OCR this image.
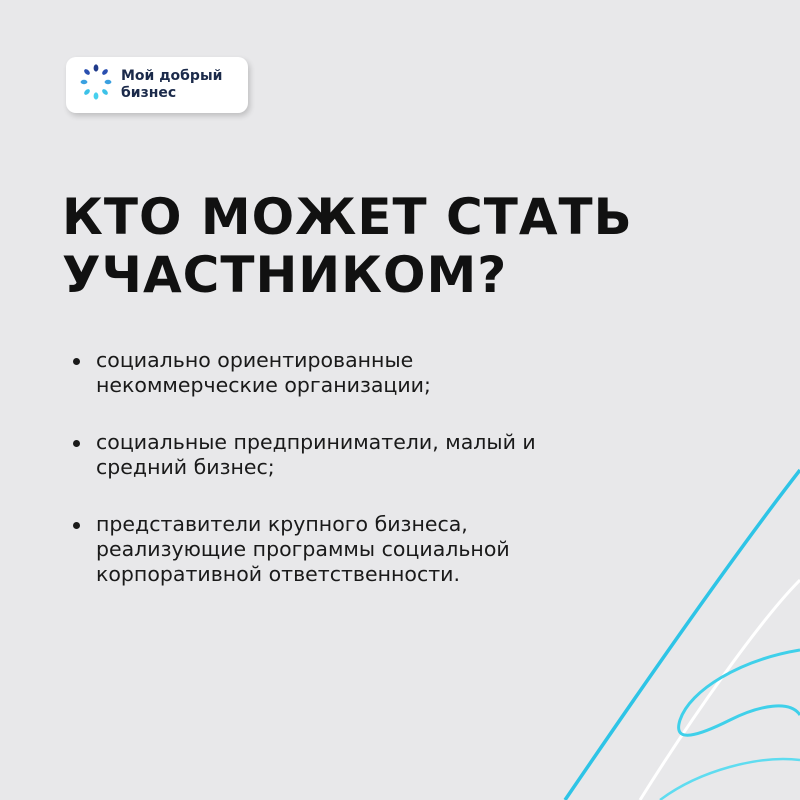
Мой добрый
бизнес
КТО МОЖЕТ СТАТЬ
УЧАСТНИКОМ?
социально ориентированные
некоммерческие организации;
социальные предприниматели, малый и
средний бизнес;
представители крупного бизнеса,
реализующие программы социальной
корпоративной ответственности.
